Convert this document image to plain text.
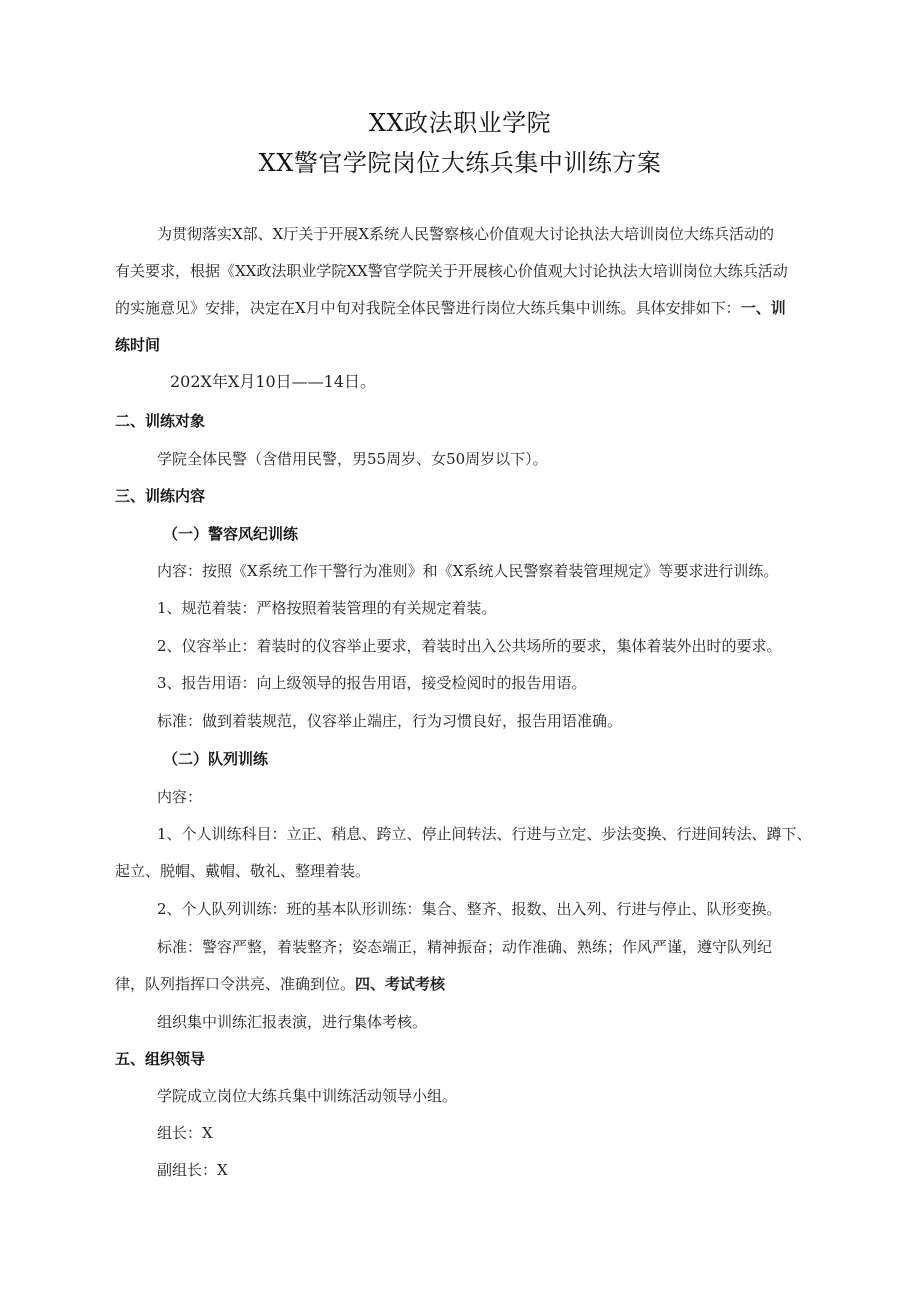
XX政法职业学院
XX警官学院岗位大练兵集中训练方案
为贯彻落实X部、X厅关于开展X系统人民警察核心价值观大讨论执法大培训岗位大练兵活动的
有关要求，根据《XX政法职业学院XX警官学院关于开展核心价值观大讨论执法大培训岗位大练兵活动
的实施意见》安排，决定在X月中旬对我院全体民警进行岗位大练兵集中训练。具体安排如下：一、训
练时间
202X年X月10日——14日。
二、训练对象
学院全体民警（含借用民警，男55周岁、女50周岁以下）。
三、训练内容
（一）警容风纪训练
内容：按照《X系统工作干警行为准则》和《X系统人民警察着装管理规定》等要求进行训练。
1、规范着装：严格按照着装管理的有关规定着装。
2、仪容举止：着装时的仪容举止要求，着装时出入公共场所的要求，集体着装外出时的要求。
3、报告用语：向上级领导的报告用语，接受检阅时的报告用语。
标准：做到着装规范，仪容举止端庄，行为习惯良好，报告用语准确。
（二）队列训练
内容：
1、个人训练科目：立正、稍息、跨立、停止间转法、行进与立定、步法变换、行进间转法、蹲下、
起立、脱帽、戴帽、敬礼、整理着装。
2、个人队列训练：班的基本队形训练：集合、整齐、报数、出入列、行进与停止、队形变换。
标准：警容严整，着装整齐；姿态端正，精神振奋；动作准确、熟练；作风严谨，遵守队列纪
律，队列指挥口令洪亮、准确到位。四、考试考核
组织集中训练汇报表演，进行集体考核。
五、组织领导
学院成立岗位大练兵集中训练活动领导小组。
组长：X
副组长：X
